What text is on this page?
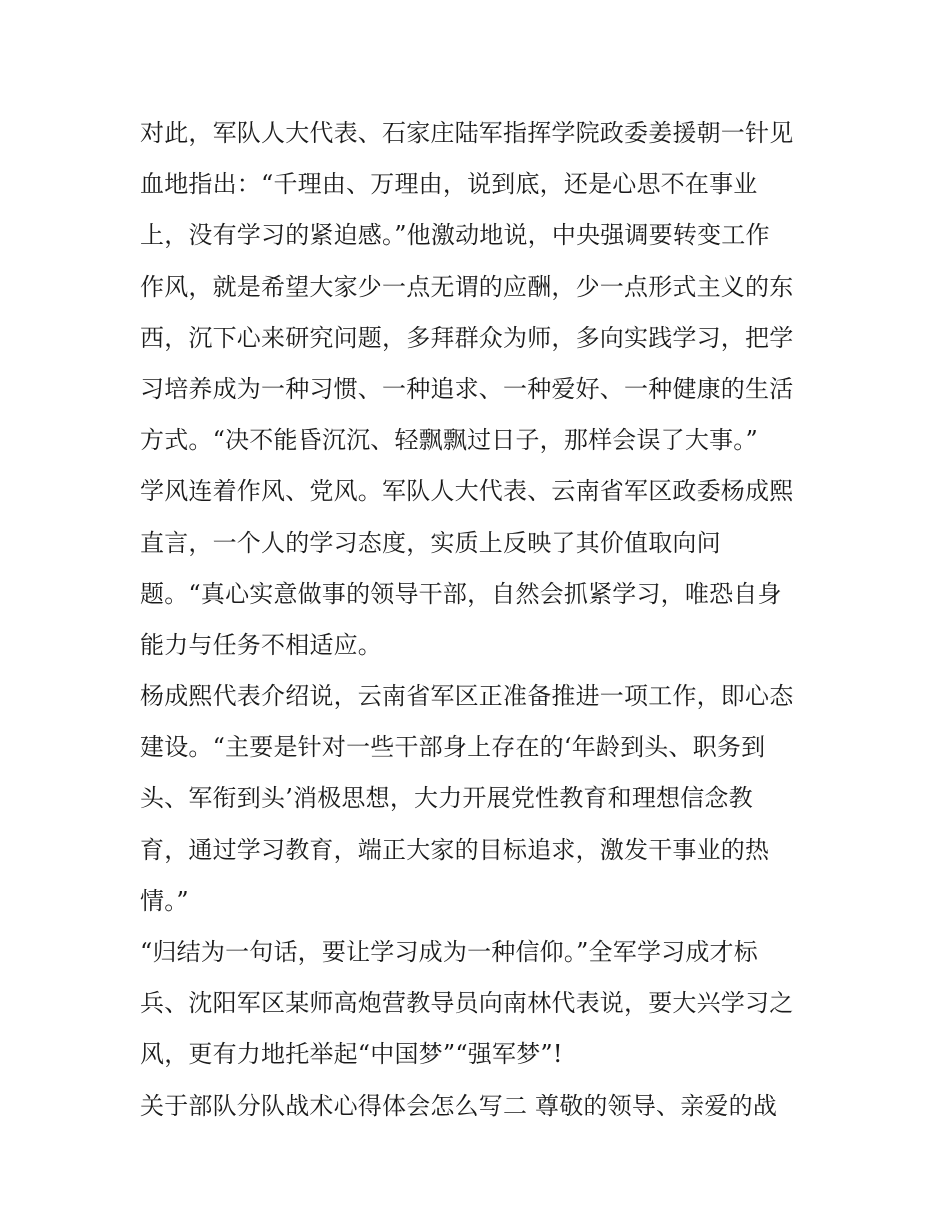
对此，军队人大代表、石家庄陆军指挥学院政委姜援朝一针见
血地指出：“千理由、万理由，说到底，还是心思不在事业
上，没有学习的紧迫感。”他激动地说，中央强调要转变工作
作风，就是希望大家少一点无谓的应酬，少一点形式主义的东
西，沉下心来研究问题，多拜群众为师，多向实践学习，把学
习培养成为一种习惯、一种追求、一种爱好、一种健康的生活
方式。“决不能昏沉沉、轻飘飘过日子，那样会误了大事。”
学风连着作风、党风。军队人大代表、云南省军区政委杨成熙
直言，一个人的学习态度，实质上反映了其价值取向问
题。“真心实意做事的领导干部，自然会抓紧学习，唯恐自身
能力与任务不相适应。
杨成熙代表介绍说，云南省军区正准备推进一项工作，即心态
建设。“主要是针对一些干部身上存在的‘年龄到头、职务到
头、军衔到头’消极思想，大力开展党性教育和理想信念教
育，通过学习教育，端正大家的目标追求，激发干事业的热
情。”
“归结为一句话，要让学习成为一种信仰。”全军学习成才标
兵、沈阳军区某师高炮营教导员向南林代表说，要大兴学习之
风，更有力地托举起“中国梦”“强军梦”!
关于部队分队战术心得体会怎么写二 尊敬的领导、亲爱的战
